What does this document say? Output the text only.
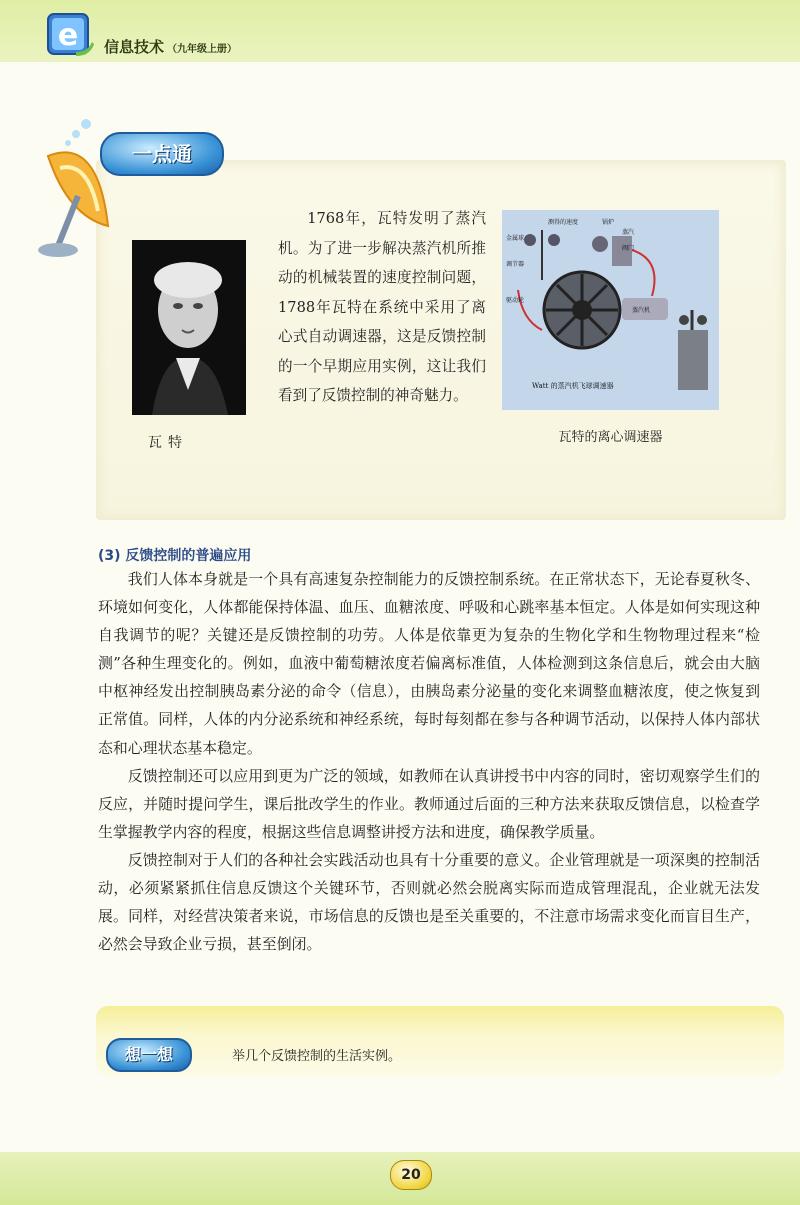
e 信息技术 （九年级上册）
一点通
瓦特

1768年，瓦特发明了蒸汽机。为了进一步解决蒸汽机所推动的机械装置的速度控制问题，1788年瓦特在系统中采用了离心式自动调速器，这是反馈控制的一个早期应用实例，这让我们看到了反馈控制的神奇魅力。

测得的速度	锅炉
蒸汽
金属球
阀门
调节器
驱动轮
蒸汽机
Watt 的蒸汽机飞球调速器
瓦特的离心调速器
(3) 反馈控制的普遍应用

我们人体本身就是一个具有高速复杂控制能力的反馈控制系统。在正常状态下，无论春夏秋冬、环境如何变化，人体都能保持体温、血压、血糖浓度、呼吸和心跳率基本恒定。人体是如何实现这种自我调节的呢？关键还是反馈控制的功劳。人体是依靠更为复杂的生物化学和生物物理过程来“检测”各种生理变化的。例如，血液中葡萄糖浓度若偏离标准值，人体检测到这条信息后，就会由大脑中枢神经发出控制胰岛素分泌的命令（信息），由胰岛素分泌量的变化来调整血糖浓度，使之恢复到正常值。同样，人体的内分泌系统和神经系统，每时每刻都在参与各种调节活动，以保持人体内部状态和心理状态基本稳定。

反馈控制还可以应用到更为广泛的领域，如教师在认真讲授书中内容的同时，密切观察学生们的反应，并随时提问学生，课后批改学生的作业。教师通过后面的三种方法来获取反馈信息，以检查学生掌握教学内容的程度，根据这些信息调整讲授方法和进度，确保教学质量。

反馈控制对于人们的各种社会实践活动也具有十分重要的意义。企业管理就是一项深奥的控制活动，必须紧紧抓住信息反馈这个关键环节，否则就必然会脱离实际而造成管理混乱，企业就无法发展。同样，对经营决策者来说，市场信息的反馈也是至关重要的，不注意市场需求变化而盲目生产，必然会导致企业亏损，甚至倒闭。

想一想	举几个反馈控制的生活实例。
20
